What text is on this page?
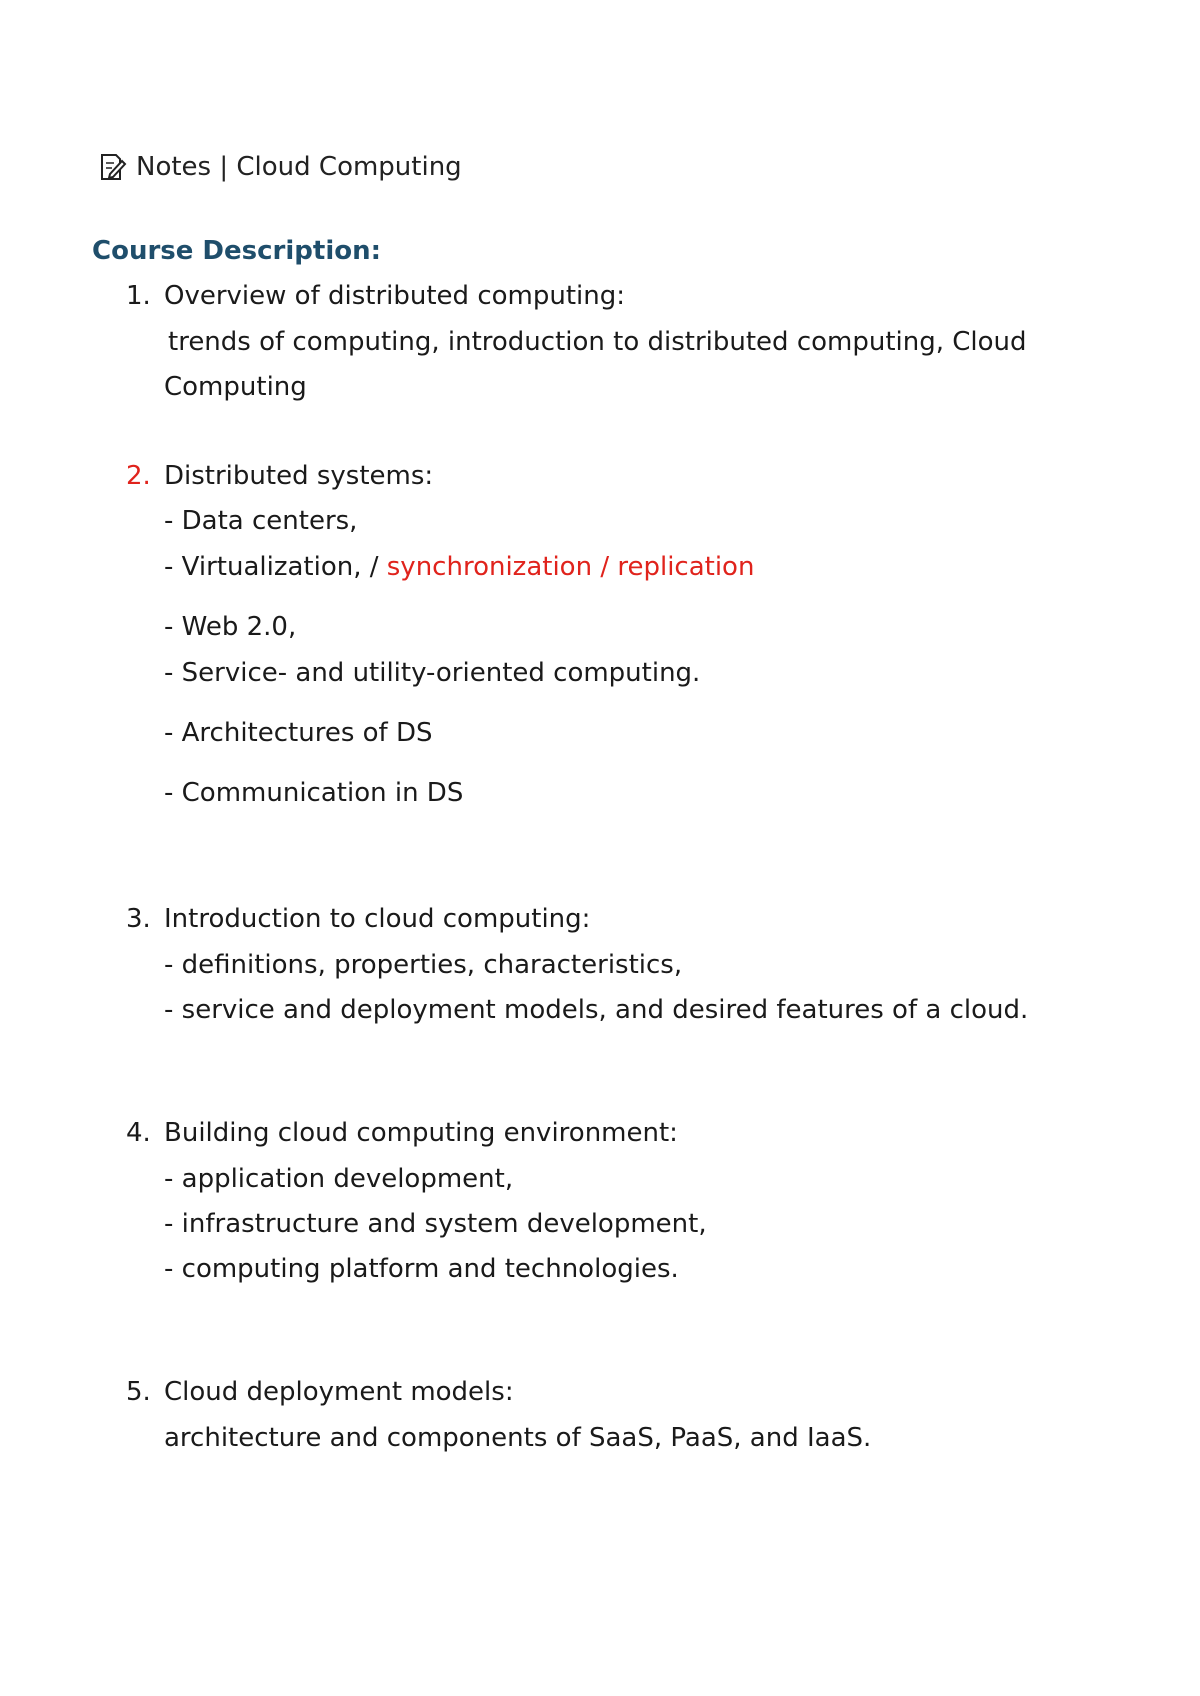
Notes | Cloud Computing
Course Description:
1. Overview of distributed computing:
trends of computing, introduction to distributed computing, Cloud
Computing
2. Distributed systems:
- Data centers,
- Virtualization, / synchronization / replication
- Web 2.0,
- Service- and utility-oriented computing.
- Architectures of DS
- Communication in DS
3. Introduction to cloud computing:
- definitions, properties, characteristics,
- service and deployment models, and desired features of a cloud.
4. Building cloud computing environment:
- application development,
- infrastructure and system development,
- computing platform and technologies.
5. Cloud deployment models:
architecture and components of SaaS, PaaS, and IaaS.
